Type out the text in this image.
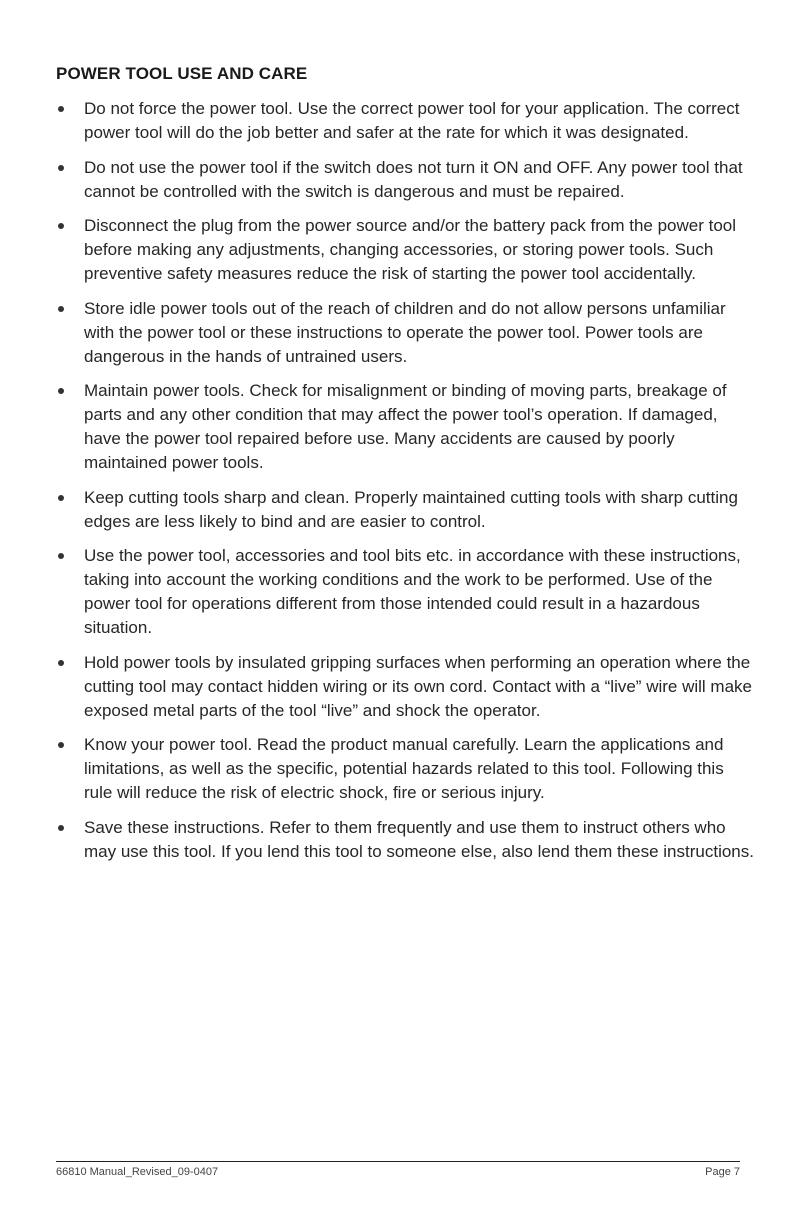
POWER TOOL USE AND CARE
Do not force the power tool. Use the correct power tool for your application. The correct power tool will do the job better and safer at the rate for which it was designated.
Do not use the power tool if the switch does not turn it ON and OFF. Any power tool that cannot be controlled with the switch is dangerous and must be repaired.
Disconnect the plug from the power source and/or the battery pack from the power tool before making any adjustments, changing accessories, or storing power tools. Such preventive safety measures reduce the risk of starting the power tool accidentally.
Store idle power tools out of the reach of children and do not allow persons unfamiliar with the power tool or these instructions to operate the power tool. Power tools are dangerous in the hands of untrained users.
Maintain power tools. Check for misalignment or binding of moving parts, breakage of parts and any other condition that may affect the power tool’s operation. If damaged, have the power tool repaired before use. Many accidents are caused by poorly maintained power tools.
Keep cutting tools sharp and clean. Properly maintained cutting tools with sharp cutting edges are less likely to bind and are easier to control.
Use the power tool, accessories and tool bits etc. in accordance with these instructions, taking into account the working conditions and the work to be performed. Use of the power tool for operations different from those intended could result in a hazardous situation.
Hold power tools by insulated gripping surfaces when performing an operation where the cutting tool may contact hidden wiring or its own cord. Contact with a “live” wire will make exposed metal parts of the tool “live” and shock the operator.
Know your power tool. Read the product manual carefully. Learn the applications and limitations, as well as the specific, potential hazards related to this tool. Following this rule will reduce the risk of electric shock, fire or serious injury.
Save these instructions. Refer to them frequently and use them to instruct others who may use this tool. If you lend this tool to someone else, also lend them these instructions.
66810 Manual_Revised_09-0407	Page 7
